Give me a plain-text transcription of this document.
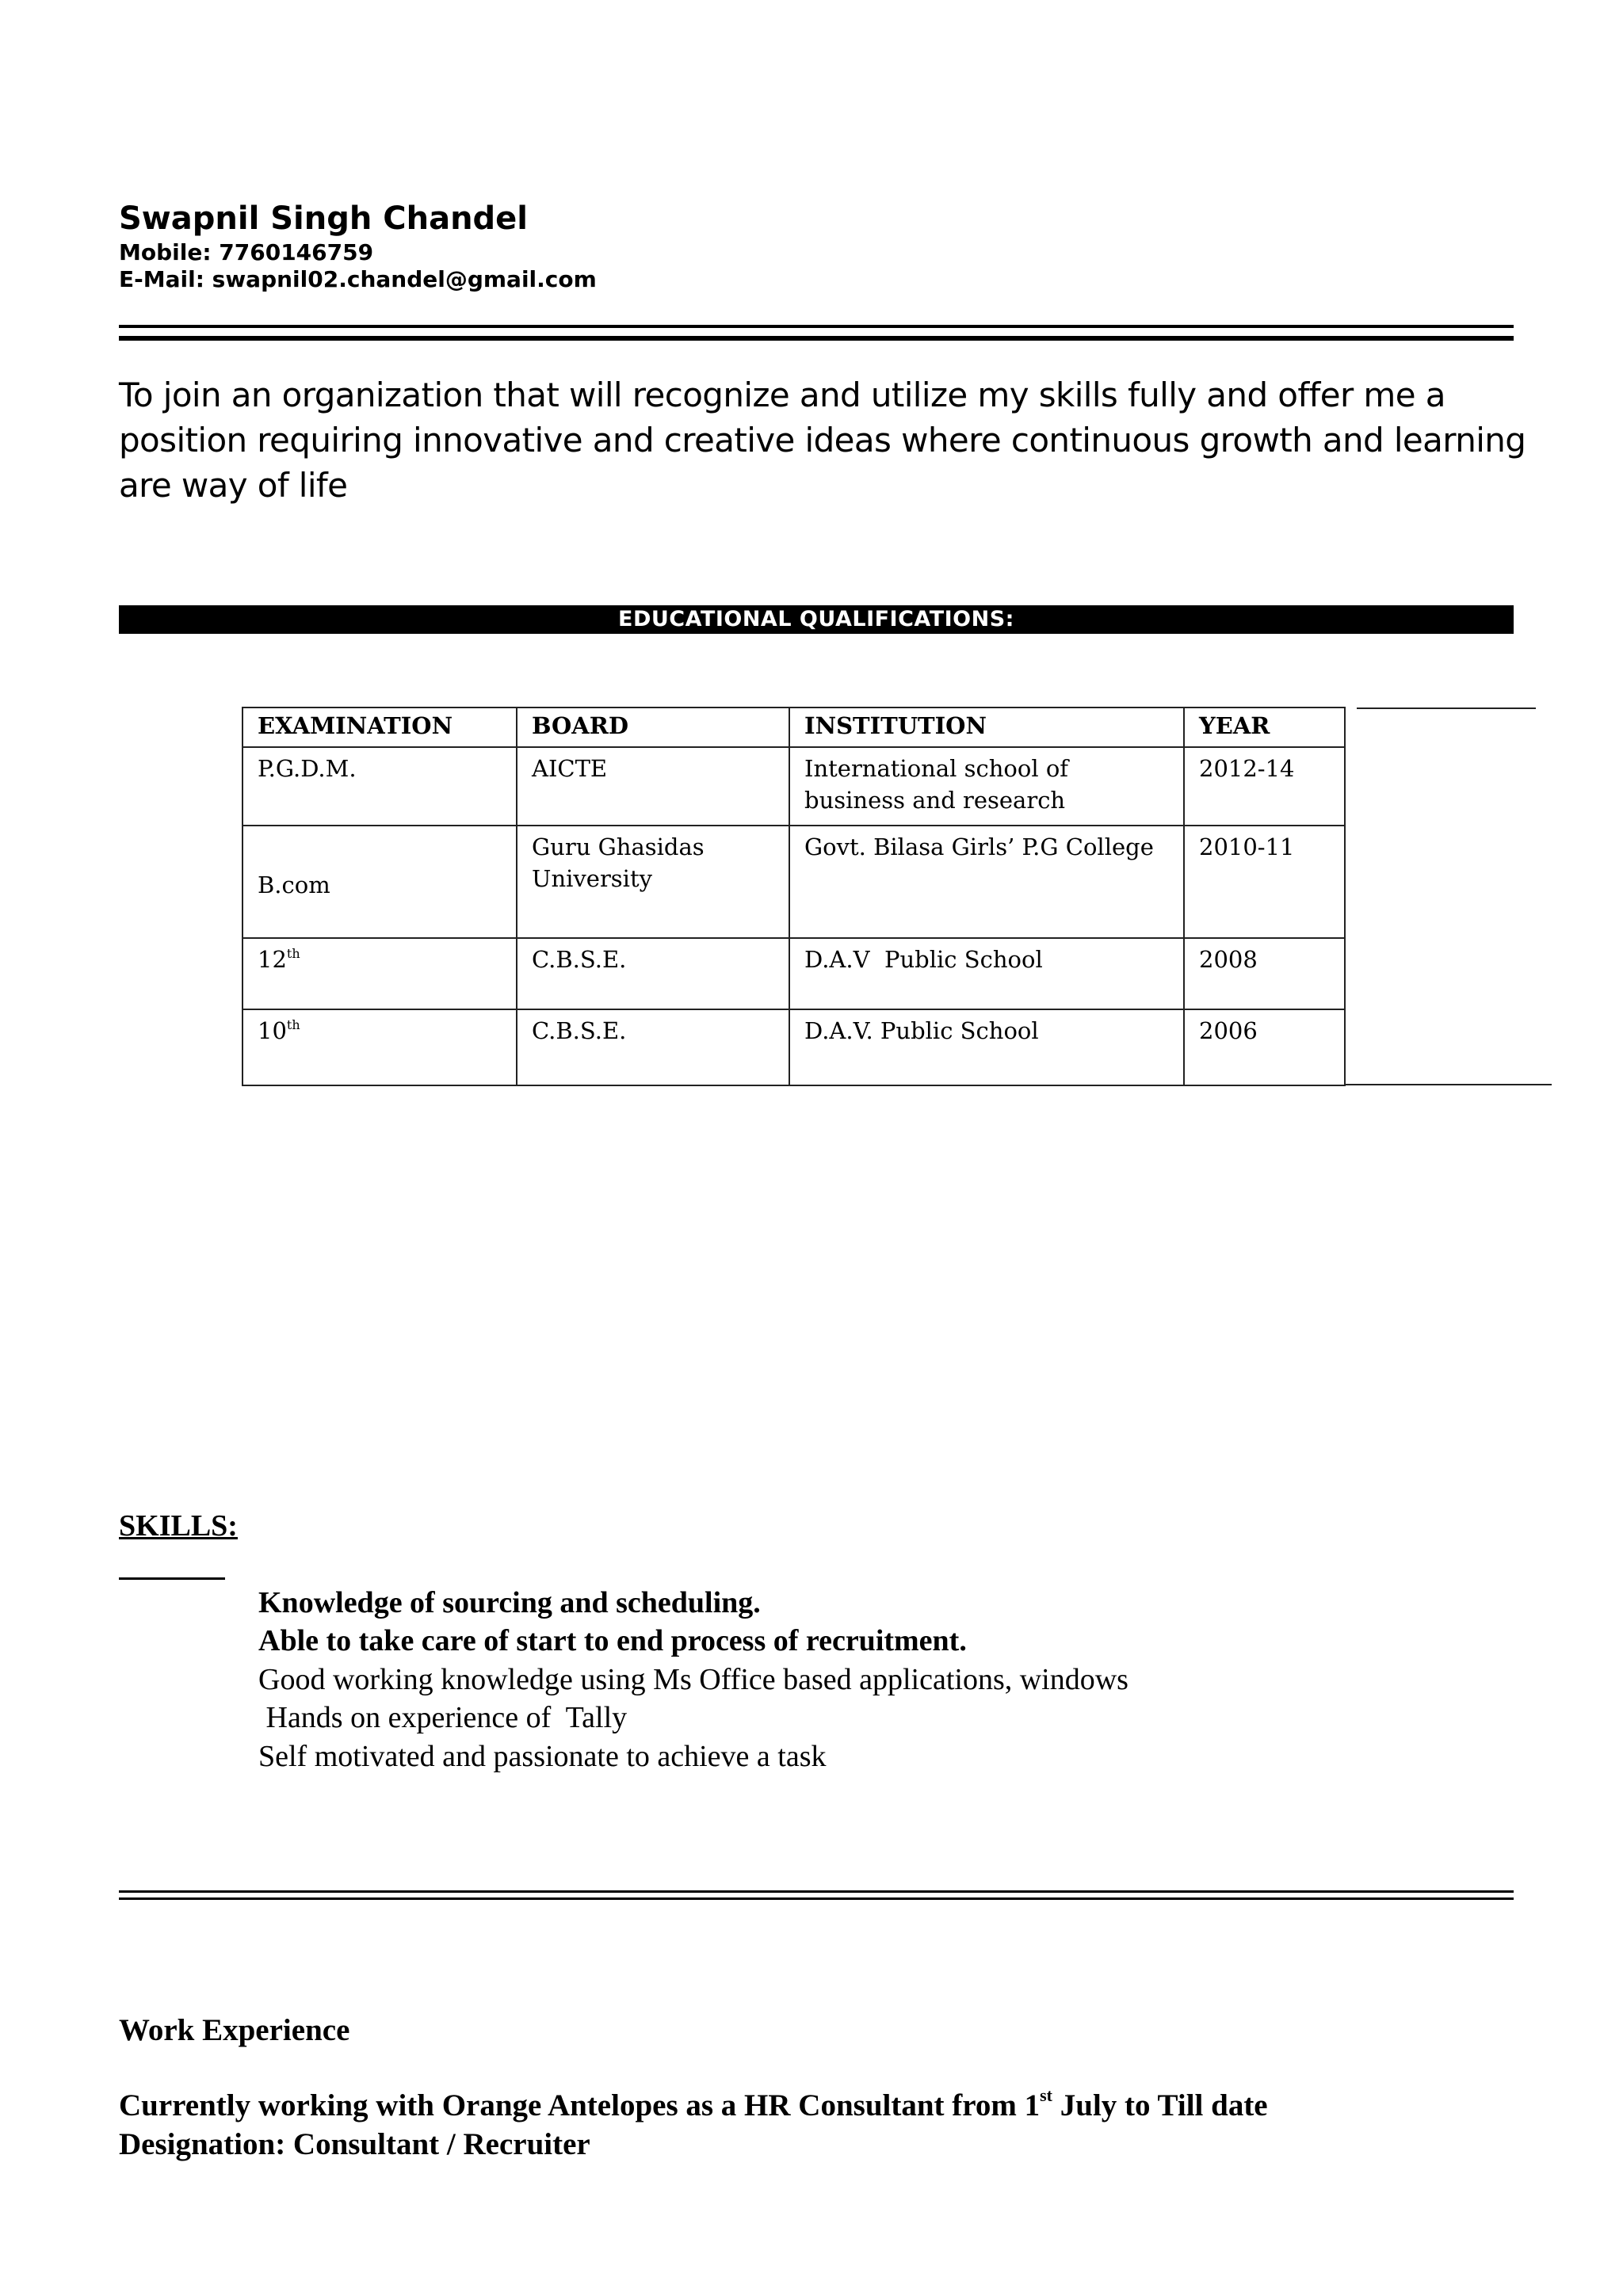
Swapnil Singh Chandel
Mobile: 7760146759
E-Mail: swapnil02.chandel@gmail.com
To join an organization that will recognize and utilize my skills fully and offer me a position requiring innovative and creative ideas where continuous growth and learning are way of life
EDUCATIONAL QUALIFICATIONS:
EXAMINATION	BOARD	INSTITUTION	YEAR
P.G.D.M.	AICTE	International school of business and research	2012-14
B.com	Guru Ghasidas University	Govt. Bilasa Girls’ P.G College	2010-11
12th	C.B.S.E.	D.A.V  Public School	2008
10th	C.B.S.E.	D.A.V. Public School	2006
SKILLS:
Knowledge of sourcing and scheduling.
Able to take care of start to end process of recruitment.
Good working knowledge using Ms Office based applications, windows
Hands on experience of  Tally
Self motivated and passionate to achieve a task
Work Experience
Currently working with Orange Antelopes as a HR Consultant from 1st July to Till date
Designation: Consultant / Recruiter
